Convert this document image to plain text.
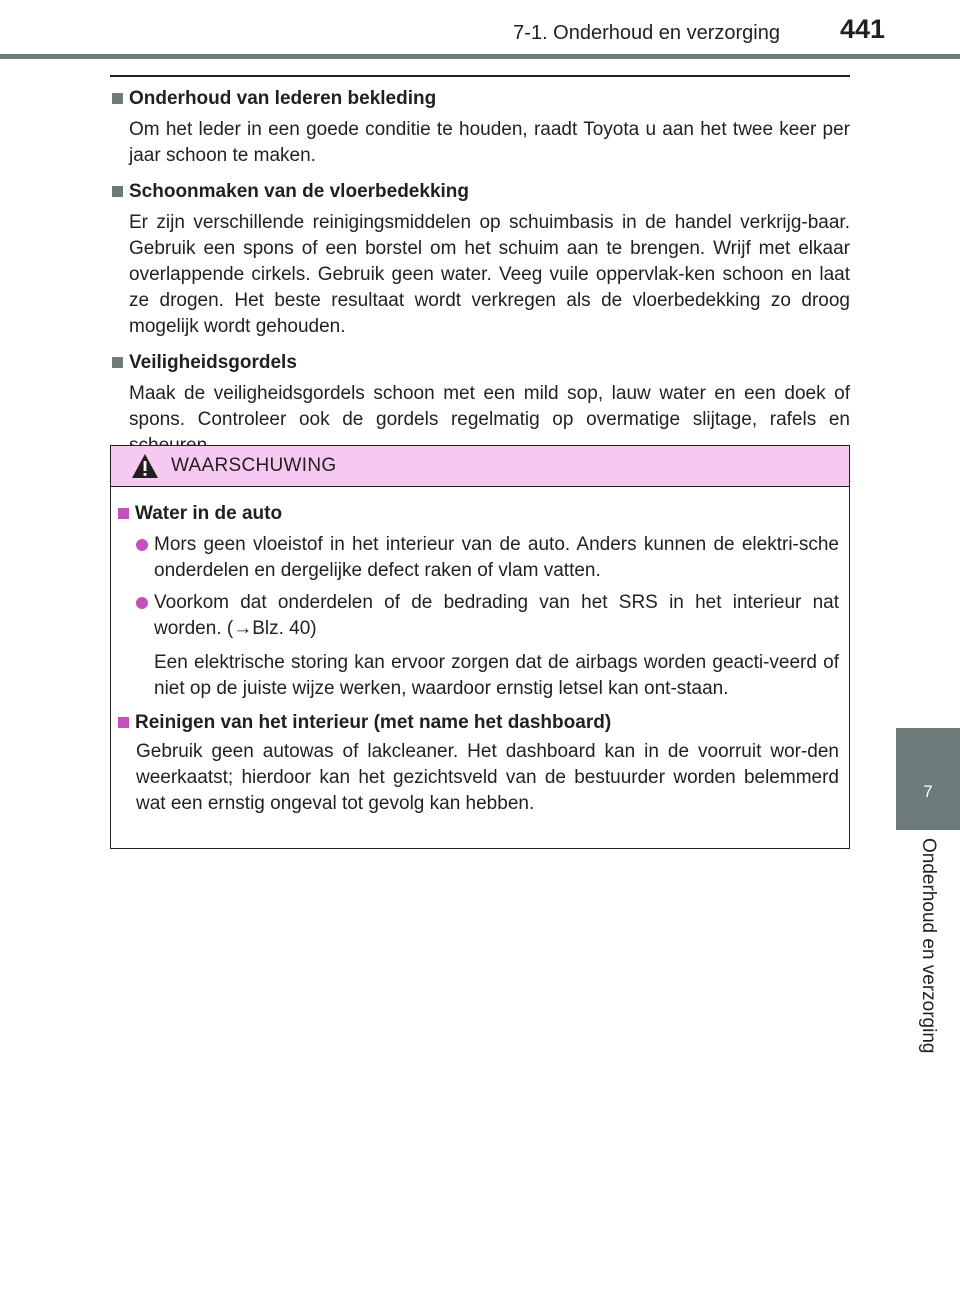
7-1. Onderhoud en verzorging 441
7
Onderhoud en verzorging
Onderhoud van lederen bekleding
Om het leder in een goede conditie te houden, raadt Toyota u aan het twee keer per jaar schoon te maken.
Schoonmaken van de vloerbedekking
Er zijn verschillende reinigingsmiddelen op schuimbasis in de handel verkrijg-baar. Gebruik een spons of een borstel om het schuim aan te brengen. Wrijf met elkaar overlappende cirkels. Gebruik geen water. Veeg vuile oppervlak-ken schoon en laat ze drogen. Het beste resultaat wordt verkregen als de vloerbedekking zo droog mogelijk wordt gehouden.
Veiligheidsgordels
Maak de veiligheidsgordels schoon met een mild sop, lauw water en een doek of spons. Controleer ook de gordels regelmatig op overmatige slijtage, rafels en
WAARSCHUWING
Water in de auto
Mors geen vloeistof in het interieur van de auto. Anders kunnen de elektri-sche onderdelen en dergelijke defect raken of vlam vatten.
Voorkom dat onderdelen of de bedrading van het SRS in het interieur nat worden. (→Blz. 40)
Een elektrische storing kan ervoor zorgen dat de airbags worden geacti-veerd of niet op de juiste wijze werken, waardoor ernstig letsel kan ont-staan.
Reinigen van het interieur (met name het dashboard)
Gebruik geen autowas of lakcleaner. Het dashboard kan in de voorruit wor-den weerkaatst; hierdoor kan het gezichtsveld van de bestuurder worden belemmerd wat een ernstig ongeval tot gevolg kan hebben.
